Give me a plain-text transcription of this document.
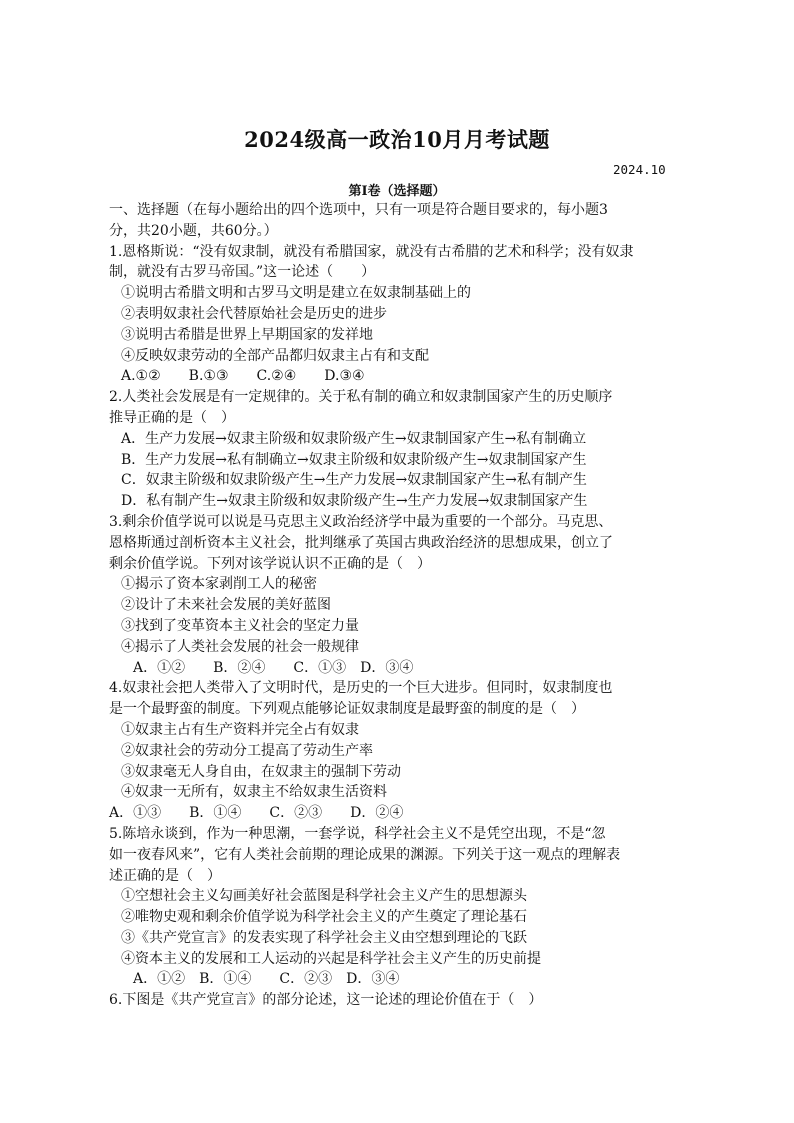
2024级高一政治10月月考试题
2024.10
第Ⅰ卷（选择题）
一、选择题（在每小题给出的四个选项中，只有一项是符合题目要求的，每小题3
分，共20小题，共60分。）
1.恩格斯说：“没有奴隶制，就没有希腊国家，就没有古希腊的艺术和科学；没有奴隶
制，就没有古罗马帝国。”这一论述（　　）
①说明古希腊文明和古罗马文明是建立在奴隶制基础上的
②表明奴隶社会代替原始社会是历史的进步
③说明古希腊是世界上早期国家的发祥地
④反映奴隶劳动的全部产品都归奴隶主占有和支配
A.①②　　B.①③　　C.②④　　D.③④
2.人类社会发展是有一定规律的。关于私有制的确立和奴隶制国家产生的历史顺序
推导正确的是（　）
A．生产力发展→奴隶主阶级和奴隶阶级产生→奴隶制国家产生→私有制确立
B．生产力发展→私有制确立→奴隶主阶级和奴隶阶级产生→奴隶制国家产生
C．奴隶主阶级和奴隶阶级产生→生产力发展→奴隶制国家产生→私有制产生
D．私有制产生→奴隶主阶级和奴隶阶级产生→生产力发展→奴隶制国家产生
3.剩余价值学说可以说是马克思主义政治经济学中最为重要的一个部分。马克思、
恩格斯通过剖析资本主义社会，批判继承了英国古典政治经济的思想成果，创立了
剩余价值学说。下列对该学说认识不正确的是（　）
①揭示了资本家剥削工人的秘密
②设计了未来社会发展的美好蓝图
③找到了变革资本主义社会的坚定力量
④揭示了人类社会发展的社会一般规律
A．①②　　B．②④　　C．①③　D．③④
4.奴隶社会把人类带入了文明时代，是历史的一个巨大进步。但同时，奴隶制度也
是一个最野蛮的制度。下列观点能够论证奴隶制度是最野蛮的制度的是（　）
①奴隶主占有生产资料并完全占有奴隶
②奴隶社会的劳动分工提高了劳动生产率
③奴隶毫无人身自由，在奴隶主的强制下劳动
④奴隶一无所有，奴隶主不给奴隶生活资料
A．①③　　B．①④　　C．②③　　D．②④
5.陈培永谈到，作为一种思潮，一套学说，科学社会主义不是凭空出现，不是“忽
如一夜春风来”，它有人类社会前期的理论成果的渊源。下列关于这一观点的理解表
述正确的是（　）
①空想社会主义勾画美好社会蓝图是科学社会主义产生的思想源头
②唯物史观和剩余价值学说为科学社会主义的产生奠定了理论基石
③《共产党宣言》的发表实现了科学社会主义由空想到理论的飞跃
④资本主义的发展和工人运动的兴起是科学社会主义产生的历史前提
A．①②　B．①④　　C．②③　D．③④
6.下图是《共产党宣言》的部分论述，这一论述的理论价值在于（　）
